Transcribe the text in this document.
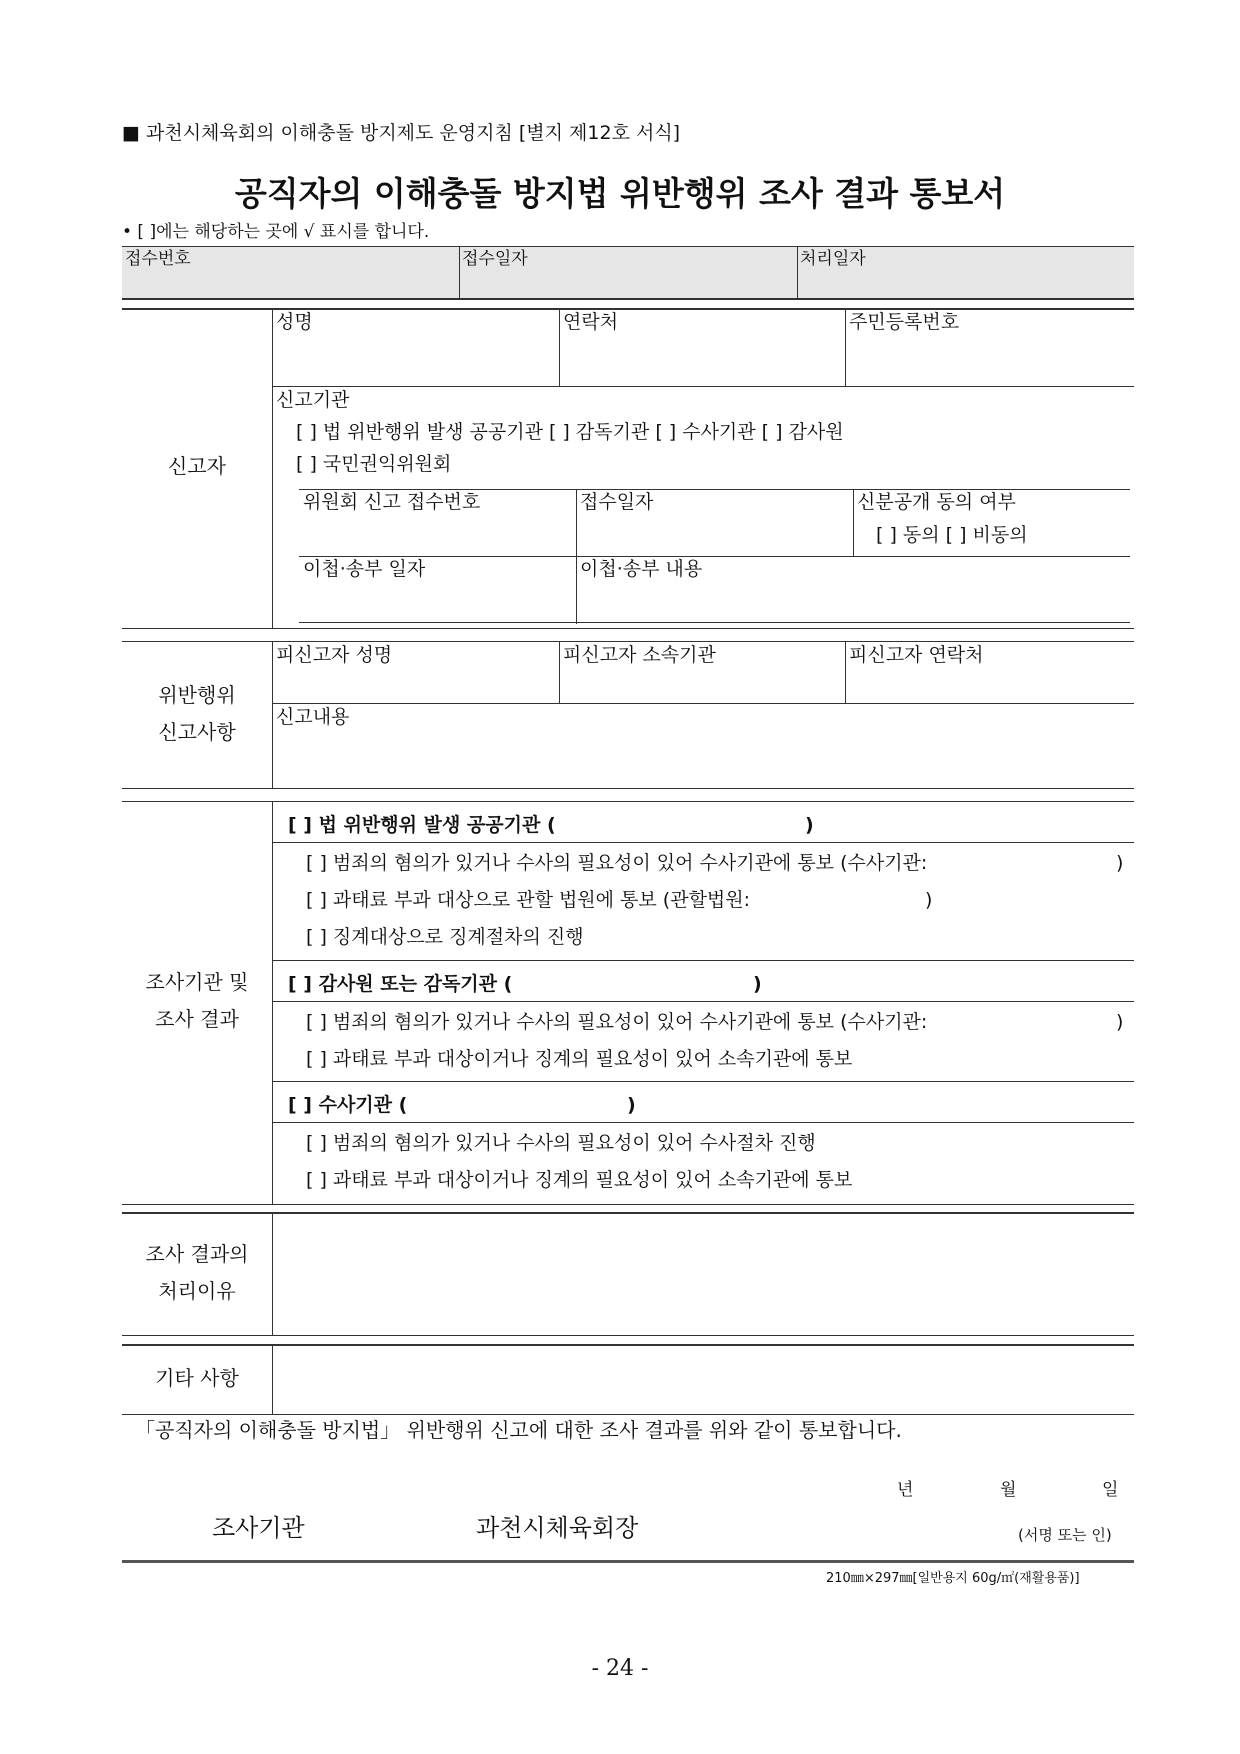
■ 과천시체육회의 이해충돌 방지제도 운영지침 [별지 제12호 서식]
공직자의 이해충돌 방지법 위반행위 조사 결과 통보서
• [ ]에는 해당하는 곳에 √ 표시를 합니다.
접수번호	접수일자	처리일자
신고자
성명	연락처	주민등록번호
신고기관
[ ] 법 위반행위 발생 공공기관 [ ] 감독기관 [ ] 수사기관 [ ] 감사원
[ ] 국민권익위원회
위원회 신고 접수번호	접수일자	신분공개 동의 여부
[ ] 동의 [ ] 비동의
이첩·송부 일자	이첩·송부 내용
위반행위
신고사항
피신고자 성명	피신고자 소속기관	피신고자 연락처
신고내용
조사기관 및
조사 결과
[ ] 법 위반행위 발생 공공기관 (	)
[ ] 범죄의 혐의가 있거나 수사의 필요성이 있어 수사기관에 통보 (수사기관:	)
[ ] 과태료 부과 대상으로 관할 법원에 통보 (관할법원:	)
[ ] 징계대상으로 징계절차의 진행
[ ] 감사원 또는 감독기관 (	)
[ ] 범죄의 혐의가 있거나 수사의 필요성이 있어 수사기관에 통보 (수사기관:	)
[ ] 과태료 부과 대상이거나 징계의 필요성이 있어 소속기관에 통보
[ ] 수사기관 (	)
[ ] 범죄의 혐의가 있거나 수사의 필요성이 있어 수사절차 진행
[ ] 과태료 부과 대상이거나 징계의 필요성이 있어 소속기관에 통보
조사 결과의
처리이유
기타 사항
「공직자의 이해충돌 방지법」 위반행위 신고에 대한 조사 결과를 위와 같이 통보합니다.
년	월	일
조사기관	과천시체육회장	(서명 또는 인)
210㎜×297㎜[일반용지 60g/㎡(재활용품)]
- 24 -
